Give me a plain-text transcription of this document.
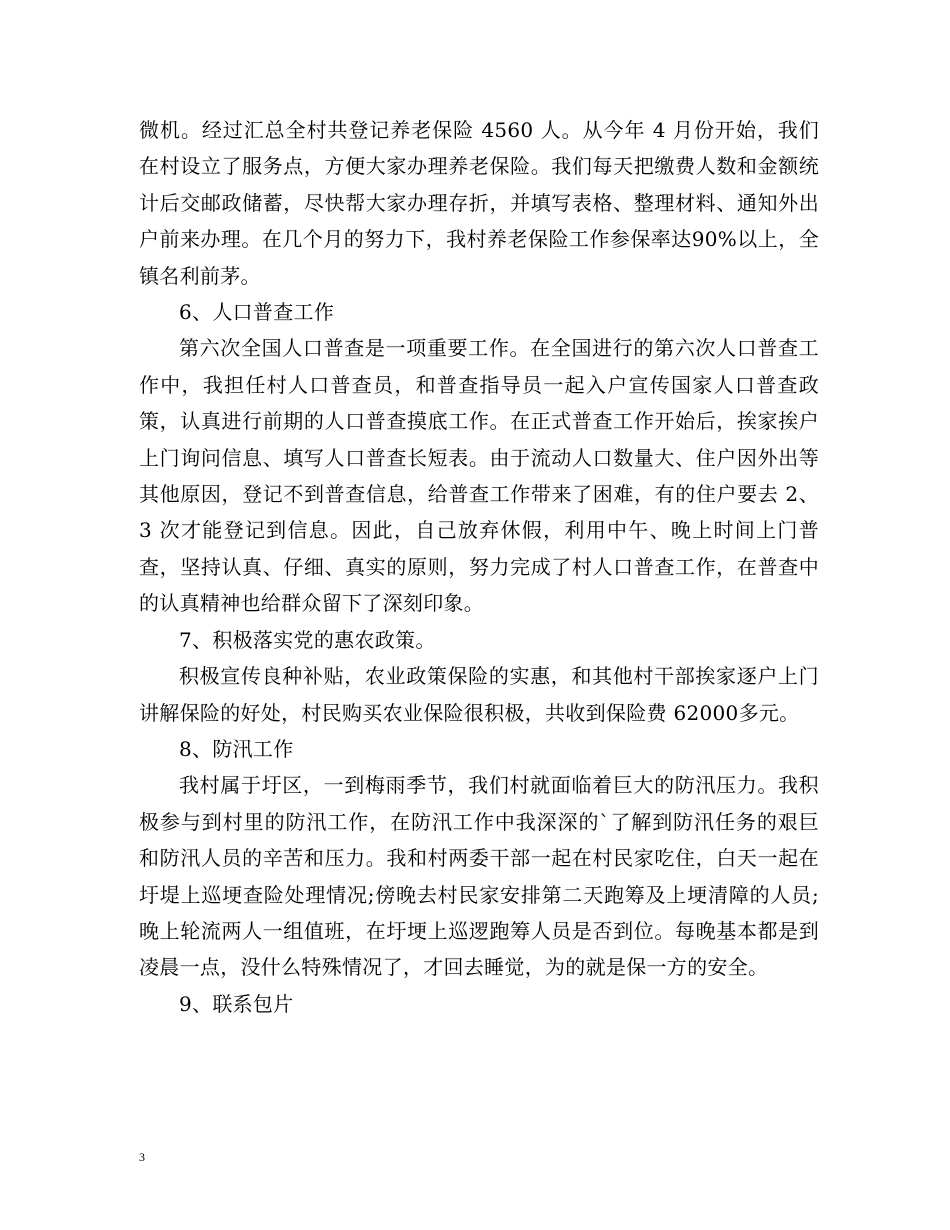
微机。经过汇总全村共登记养老保险 4560 人。从今年 4 月份开始，我们在村设立了服务点，方便大家办理养老保险。我们每天把缴费人数和金额统计后交邮政储蓄，尽快帮大家办理存折，并填写表格、整理材料、通知外出户前来办理。在几个月的努力下，我村养老保险工作参保率达90%以上，全镇名利前茅。

6、人口普查工作

第六次全国人口普查是一项重要工作。在全国进行的第六次人口普查工作中，我担任村人口普查员，和普查指导员一起入户宣传国家人口普查政策，认真进行前期的人口普查摸底工作。在正式普查工作开始后，挨家挨户上门询问信息、填写人口普查长短表。由于流动人口数量大、住户因外出等其他原因，登记不到普查信息，给普查工作带来了困难，有的住户要去 2、3 次才能登记到信息。因此，自己放弃休假，利用中午、晚上时间上门普查，坚持认真、仔细、真实的原则，努力完成了村人口普查工作，在普查中的认真精神也给群众留下了深刻印象。

7、积极落实党的惠农政策。

积极宣传良种补贴，农业政策保险的实惠，和其他村干部挨家逐户上门讲解保险的好处，村民购买农业保险很积极，共收到保险费 62000多元。

8、防汛工作

我村属于圩区，一到梅雨季节，我们村就面临着巨大的防汛压力。我积极参与到村里的防汛工作，在防汛工作中我深深的`了解到防汛任务的艰巨和防汛人员的辛苦和压力。我和村两委干部一起在村民家吃住，白天一起在圩堤上巡埂查险处理情况;傍晚去村民家安排第二天跑筹及上埂清障的人员;晚上轮流两人一组值班，在圩埂上巡逻跑筹人员是否到位。每晚基本都是到凌晨一点，没什么特殊情况了，才回去睡觉，为的就是保一方的安全。

9、联系包片

3
